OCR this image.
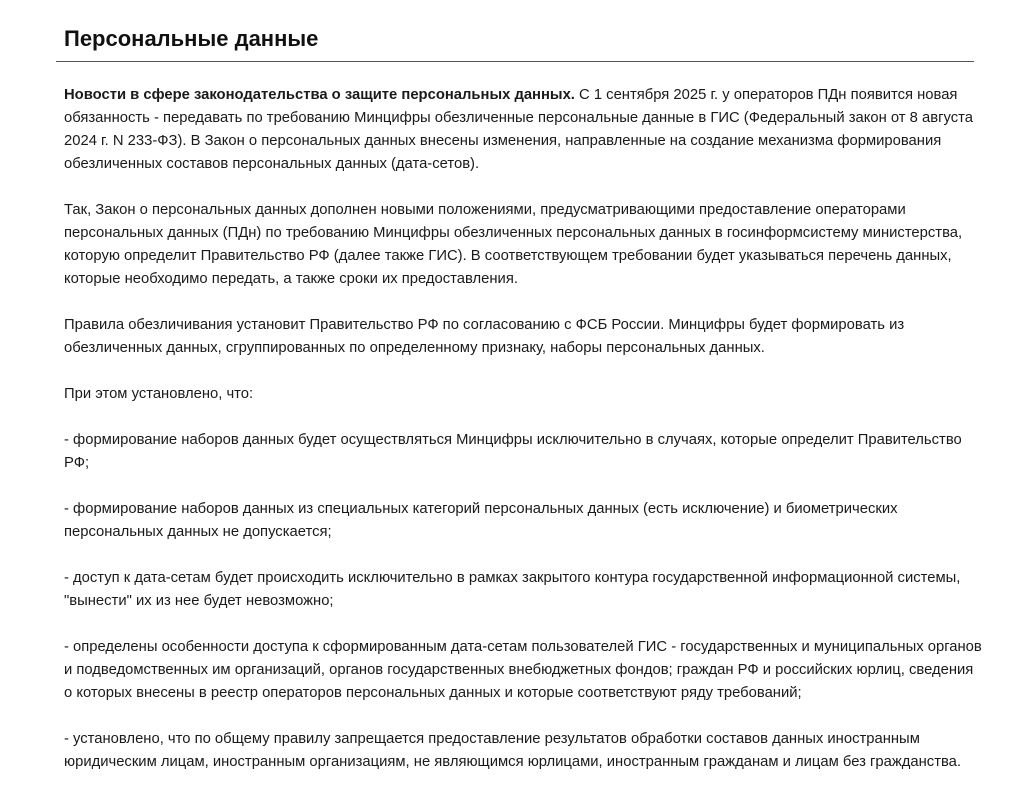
Персональные данные

Новости в сфере законодательства о защите персональных данных. С 1 сентября 2025 г. у операторов ПДн появится новая обязанность - передавать по требованию Минцифры обезличенные персональные данные в ГИС (Федеральный закон от 8 августа 2024 г. N 233-ФЗ). В Закон о персональных данных внесены изменения, направленные на создание механизма формирования обезличенных составов персональных данных (дата-сетов).

Так, Закон о персональных данных дополнен новыми положениями, предусматривающими предоставление операторами персональных данных (ПДн) по требованию Минцифры обезличенных персональных данных в госинформсистему министерства, которую определит Правительство РФ (далее также ГИС). В соответствующем требовании будет указываться перечень данных, которые необходимо передать, а также сроки их предоставления.

Правила обезличивания установит Правительство РФ по согласованию с ФСБ России. Минцифры будет формировать из обезличенных данных, сгруппированных по определенному признаку, наборы персональных данных.

При этом установлено, что:

- формирование наборов данных будет осуществляться Минцифры исключительно в случаях, которые определит Правительство РФ;

- формирование наборов данных из специальных категорий персональных данных (есть исключение) и биометрических персональных данных не допускается;

- доступ к дата-сетам будет происходить исключительно в рамках закрытого контура государственной информационной системы, "вынести" их из нее будет невозможно;

- определены особенности доступа к сформированным дата-сетам пользователей ГИС - государственных и муниципальных органов и подведомственных им организаций, органов государственных внебюджетных фондов; граждан РФ и российских юрлиц, сведения о которых внесены в реестр операторов персональных данных и которые соответствуют ряду требований;

- установлено, что по общему правилу запрещается предоставление результатов обработки составов данных иностранным юридическим лицам, иностранным организациям, не являющимся юрлицами, иностранным гражданам и лицам без гражданства.
